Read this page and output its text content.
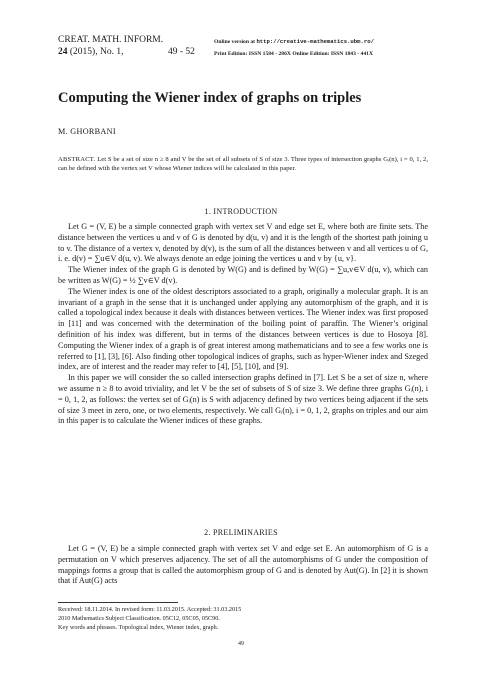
CREAT. MATH. INFORM.
24 (2015), No. 1,	49 - 52
Online version at http://creative-mathematics.ubm.ro/
Print Edition: ISSN 1584 - 286X Online Edition: ISSN 1843 - 441X
Computing the Wiener index of graphs on triples
M. GHORBANI
ABSTRACT. Let S be a set of size n ≥ 8 and V be the set of all subsets of S of size 3. Three types of intersection graphs Gᵢ(n), i = 0, 1, 2, can be defined with the vertex set V whose Wiener indices will be calculated in this paper.
1. INTRODUCTION

Let G = (V, E) be a simple connected graph with vertex set V and edge set E, where both are finite sets. The distance between the vertices u and v of G is denoted by d(u, v) and it is the length of the shortest path joining u to v. The distance of a vertex v, denoted by d(v), is the sum of all the distances between v and all vertices u of G, i. e. d(v) = ∑u∈V d(u, v). We always denote an edge joining the vertices u and v by {u, v}.

The Wiener index of the graph G is denoted by W(G) and is defined by W(G) = ∑u,v∈V d(u, v), which can be written as W(G) = ½ ∑v∈V d(v).

The Wiener index is one of the oldest descriptors associated to a graph, originally a molecular graph. It is an invariant of a graph in the sense that it is unchanged under applying any automorphism of the graph, and it is called a topological index because it deals with distances between vertices. The Wiener index was first proposed in [11] and was concerned with the determination of the boiling point of paraffin. The Wiener’s original definition of his index was different, but in terms of the distances between vertices is due to Hosoya [8]. Computing the Wiener index of a graph is of great interest among mathematicians and to see a few works one is referred to [1], [3], [6]. Also finding other topological indices of graphs, such as hyper-Wiener index and Szeged index, are of interest and the reader may refer to [4], [5], [10], and [9].

In this paper we will consider the so called intersection graphs defined in [7]. Let S be a set of size n, where we assume n ≥ 8 to avoid triviality, and let V be the set of subsets of S of size 3. We define three graphs Gᵢ(n), i = 0, 1, 2, as follows: the vertex set of Gᵢ(n) is S with adjacency defined by two vertices being adjacent if the sets of size 3 meet in zero, one, or two elements, respectively. We call Gᵢ(n), i = 0, 1, 2, graphs on triples and our aim in this paper is to calculate the Wiener indices of these graphs.

2. PRELIMINARIES

Let G = (V, E) be a simple connected graph with vertex set V and edge set E. An automorphism of G is a permutation on V which preserves adjacency. The set of all the automorphisms of G under the composition of mappings forms a group that is called the automorphism group of G and is denoted by Aut(G). In [2] it is shown that if Aut(G) acts

Received: 18.11.2014. In revised form: 11.03.2015. Accepted: 31.03.2015
2010 Mathematics Subject Classification. 05C12, 05C05, 05C90.
Key words and phrases. Topological index, Wiener index, graph.
49
